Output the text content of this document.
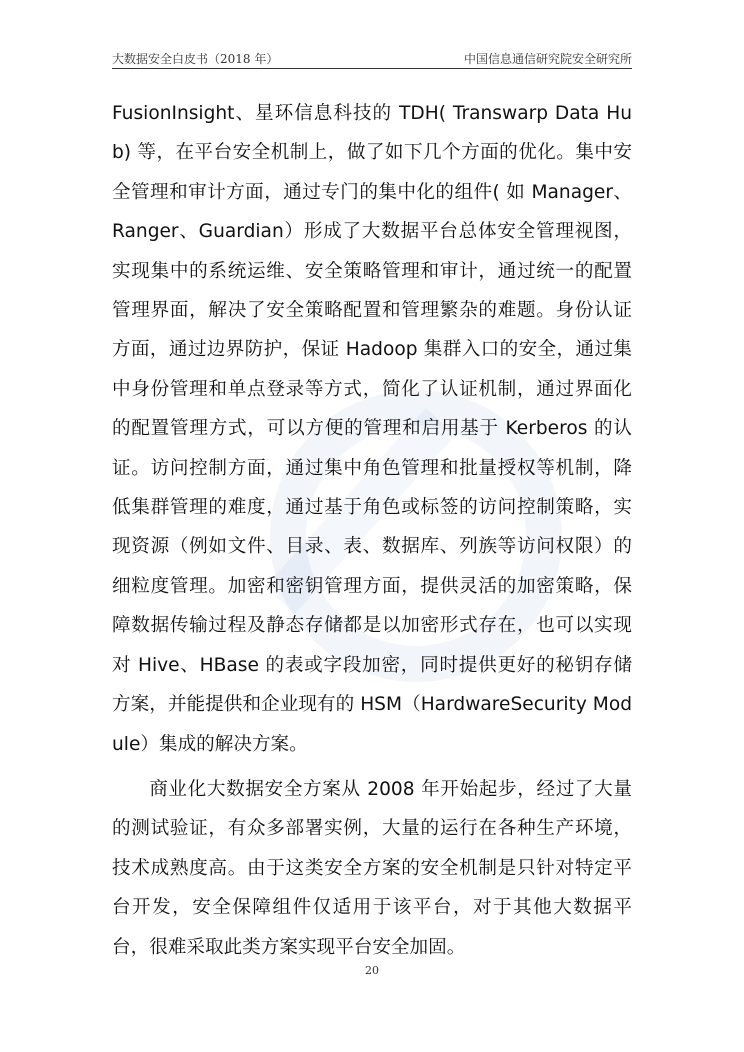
大数据安全白皮书（2018 年）	中国信息通信研究院安全研究所

FusionInsight、星环信息科技的 TDH( Transwarp Data Hub) 等，在平台安全机制上，做了如下几个方面的优化。集中安全管理和审计方面，通过专门的集中化的组件( 如 Manager、Ranger、Guardian）形成了大数据平台总体安全管理视图，实现集中的系统运维、安全策略管理和审计，通过统一的配置管理界面，解决了安全策略配置和管理繁杂的难题。身份认证方面，通过边界防护，保证 Hadoop 集群入口的安全，通过集中身份管理和单点登录等方式，简化了认证机制，通过界面化的配置管理方式，可以方便的管理和启用基于 Kerberos 的认证。访问控制方面，通过集中角色管理和批量授权等机制，降低集群管理的难度，通过基于角色或标签的访问控制策略，实现资源（例如文件、目录、表、数据库、列族等访问权限）的细粒度管理。加密和密钥管理方面，提供灵活的加密策略，保障数据传输过程及静态存储都是以加密形式存在，也可以实现对 Hive、HBase 的表或字段加密，同时提供更好的秘钥存储方案，并能提供和企业现有的 HSM（HardwareSecurity Module）集成的解决方案。

商业化大数据安全方案从 2008 年开始起步，经过了大量的测试验证，有众多部署实例，大量的运行在各种生产环境，技术成熟度高。由于这类安全方案的安全机制是只针对特定平台开发，安全保障组件仅适用于该平台，对于其他大数据平台，很难采取此类方案实现平台安全加固。

20
